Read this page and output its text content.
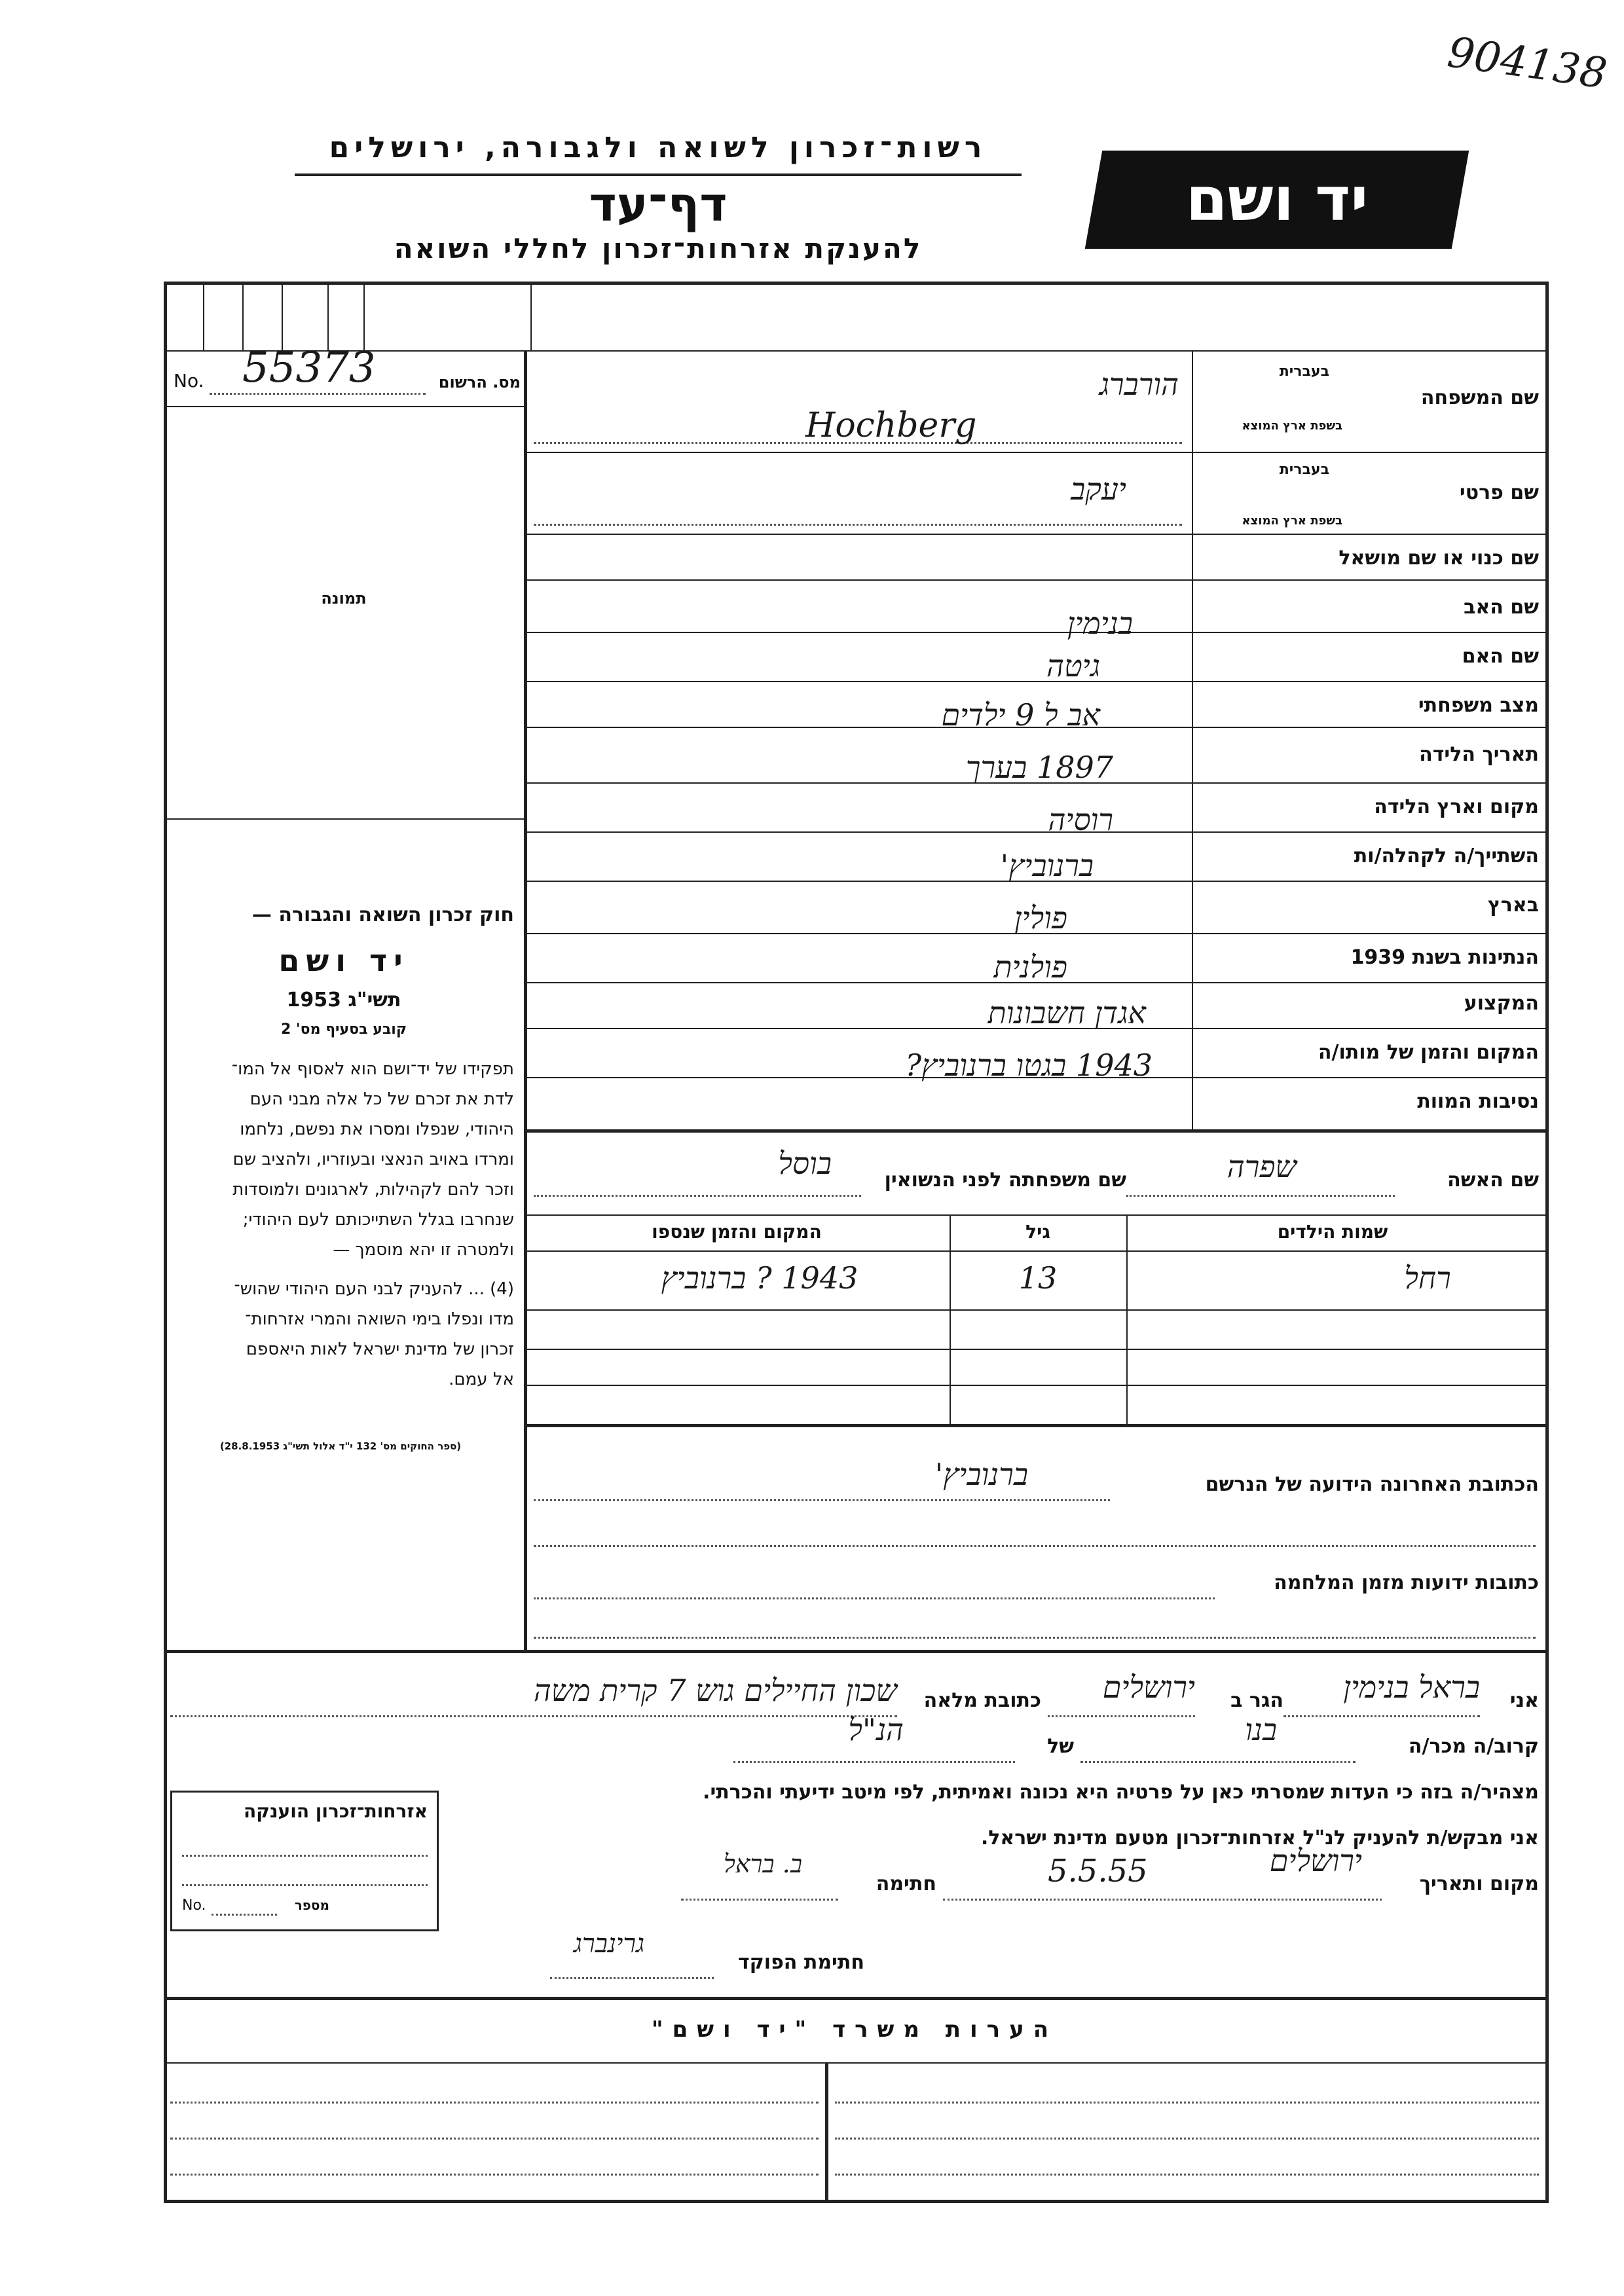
904138
רשות־זכרון לשואה ולגבורה, ירושלים
דף־עד
להענקת אזרחות־זכרון לחללי השואה
יד ושם
No. 55373	מס. הרשום
תמונה
חוק זכרון השואה והגבורה —
יד ושם
תשי"ג 1953
קובע בסעיף מס' 2
תפקידו של יד־ושם הוא לאסוף אל המו־
לדת את זכרם של כל אלה מבני העם
היהודי, שנפלו ומסרו את נפשם, נלחמו
ומרדו באויב הנאצי ובעוזריו, ולהציב שם
וזכר להם לקהילות, לארגונים ולמוסדות
שנחרבו בגלל השתייכותם לעם היהודי;
ולמטרה זו יהא מוסמך —
(4) ... להעניק לבני העם היהודי שהוש־
מדו ונפלו בימי השואה והמרי אזרחות־
זכרון של מדינת ישראל לאות היאספם
אל עמם.
(ספר החוקים מס' 132 י"ד אלול תשי"ג 28.8.1953)
שם המשפחה
בעברית
בשפת ארץ המוצא
שם פרטי
בעברית
בשפת ארץ המוצא
שם כנוי או שם מושאל
שם האב
שם האם
מצב משפחתי
תאריך הלידה
מקום וארץ הלידה
השתייך/ה לקהלה/ות
בארץ
הנתינות בשנת 1939
המקצוע
המקום והזמן של מותו/ה
נסיבות המוות
הורברג
Hochberg
יעקב
בנימין
גיטה
אב ל 9 ילדים
1897 בערך
רוסיה
ברנוביץ'
פולין
פולנית
אגדן חשבונות
1943 בגטו ברנוביץ?
שם האשה
שפרה
שם משפחתה לפני הנשואין
בוסל
שמות הילדים
גיל
המקום והזמן שנספו
רחל
13
1943 ? ברנוביץ
הכתובת האחרונה הידועה של הנרשם
ברנוביץ'
כתובות ידועות מזמן המלחמה
אני
בראל בנימין
הגר ב
ירושלים
כתובת מלאה
שכון החיילים גוש 7 קרית משה
קרוב/ה מכר/ה
בנו
של
הנ"ל
מצהיר/ה בזה כי העדות שמסרתי כאן על פרטיה היא נכונה ואמיתית, לפי מיטב ידיעתי והכרתי.
אני מבקש/ת להעניק לנ"ל אזרחות־זכרון מטעם מדינת ישראל.
מקום ותאריך
ירושלים
5.5.55
חתימה
ב. בראל
חתימת הפוקד
גרינברג
אזרחות־זכרון הוענקה
No.	מספר
הערות משרד "יד ושם"
